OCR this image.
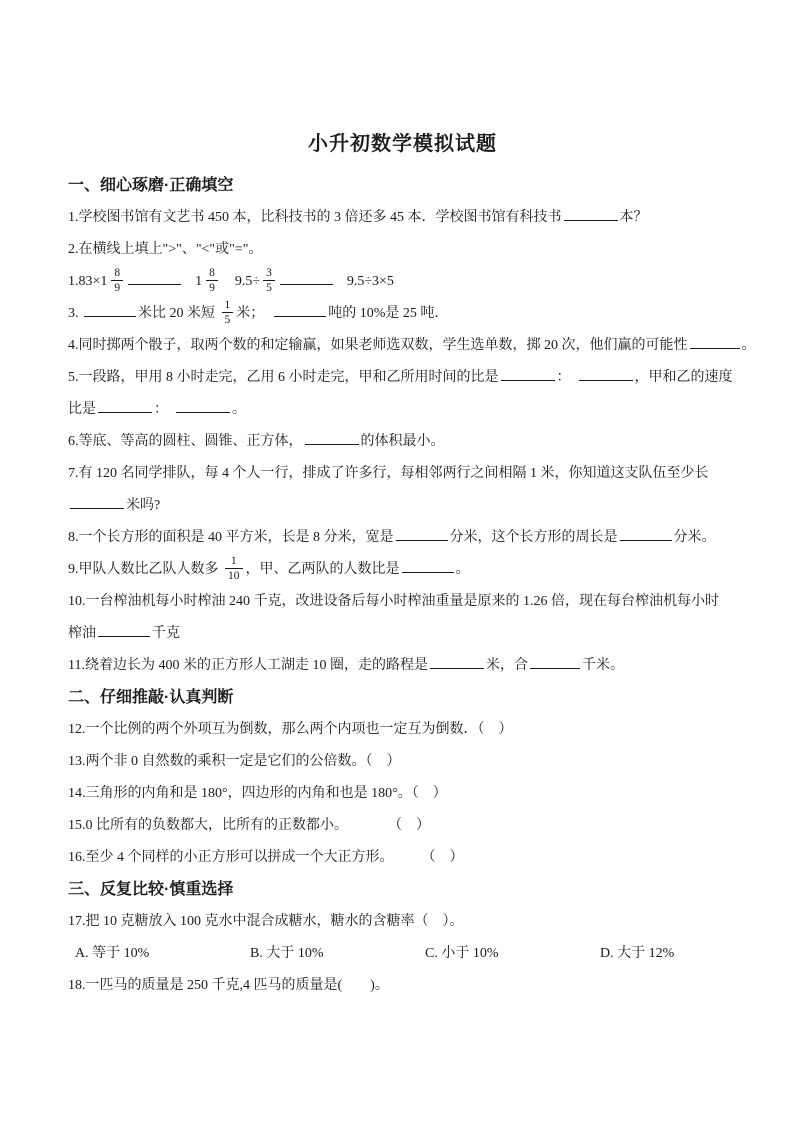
小升初数学模拟试题
一、细心琢磨·正确填空
1.学校图书馆有文艺书 450 本，比科技书的 3 倍还多 45 本．学校图书馆有科技书	本？
2.在横线上填上">"、"<"或"="。
$1.83\times 1 \frac{8}{9}$	$1 \frac{8}{9} 9.5\div \frac{3}{5}$	9.5÷3×5
3.	米比 20 米短 $\frac{1}{5}$ 米；	吨的 10%是 25 吨．
4.同时掷两个骰子，取两个数的和定输赢，如果老师选双数，学生选单数，掷 20 次，他们赢的可能性	。
5.一段路，甲用 8 小时走完，乙用 6 小时走完，甲和乙所用时间的比是	：	，甲和乙的速度
比是	：	。
6.等底、等高的圆柱、圆锥、正方体，	的体积最小。
7.有 120 名同学排队，每 4 个人一行，排成了许多行，每相邻两行之间相隔 1 米，你知道这支队伍至少长
米吗?
8.一个长方形的面积是 40 平方米，长是 8 分米，宽是	分米，这个长方形的周长是	分米。
9.甲队人数比乙队人数多 $\frac{1}{10}$ ，甲、乙两队的人数比是	。
10.一台榨油机每小时榨油 240 千克，改进设备后每小时榨油重量是原来的 1.26 倍，现在每台榨油机每小时
榨油	千克
11.绕着边长为 400 米的正方形人工湖走 10 圈，走的路程是	米，合	千米。
二、仔细推敲·认真判断
12.一个比例的两个外项互为倒数，那么两个内项也一定互为倒数．（　）
13.两个非 0 自然数的乘积一定是它们的公倍数。（　）
14.三角形的内角和是 180°，四边形的内角和也是 180°。（　）
15.0 比所有的负数都大，比所有的正数都小。	（　）
16.至少 4 个同样的小正方形可以拼成一个大正方形。 （　）
三、反复比较·慎重选择
17.把 10 克糖放入 100 克水中混合成糖水，糖水的含糖率（　）。
A. 等于 10%	B. 大于 10%	C. 小于 10%	D. 大于 12%
18.一匹马的质量是 250 千克,4 匹马的质量是(　　)。
